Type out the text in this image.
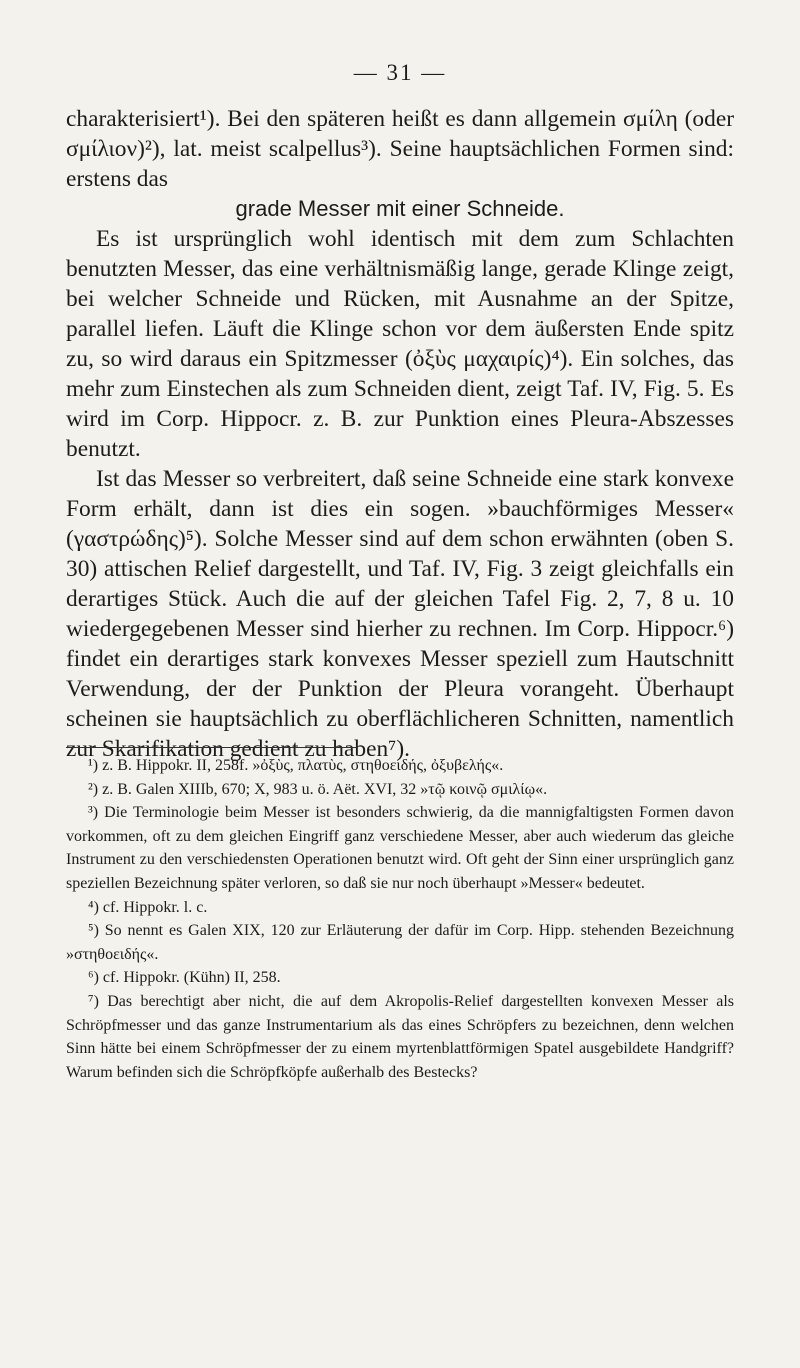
— 31 —

charakterisiert¹). Bei den späteren heißt es dann allgemein σμίλη (oder σμίλιον)²), lat. meist scalpellus³). Seine hauptsächlichen Formen sind: erstens das

grade Messer mit einer Schneide.

Es ist ursprünglich wohl identisch mit dem zum Schlachten benutzten Messer, das eine verhältnismäßig lange, gerade Klinge zeigt, bei welcher Schneide und Rücken, mit Ausnahme an der Spitze, parallel liefen. Läuft die Klinge schon vor dem äußersten Ende spitz zu, so wird daraus ein Spitzmesser (ὀξὺς μαχαιρίς)⁴). Ein solches, das mehr zum Einstechen als zum Schneiden dient, zeigt Taf. IV, Fig. 5. Es wird im Corp. Hippocr. z. B. zur Punktion eines Pleura-Abszesses benutzt.

Ist das Messer so verbreitert, daß seine Schneide eine stark konvexe Form erhält, dann ist dies ein sogen. »bauchförmiges Messer« (γαστρώδης)⁵). Solche Messer sind auf dem schon erwähnten (oben S. 30) attischen Relief dargestellt, und Taf. IV, Fig. 3 zeigt gleichfalls ein derartiges Stück. Auch die auf der gleichen Tafel Fig. 2, 7, 8 u. 10 wiedergegebenen Messer sind hierher zu rechnen. Im Corp. Hippocr.⁶) findet ein derartiges stark konvexes Messer speziell zum Hautschnitt Verwendung, der der Punktion der Pleura vorangeht. Überhaupt scheinen sie hauptsächlich zu oberflächlicheren Schnitten, namentlich zur Skarifikation gedient zu haben⁷).

¹) z. B. Hippokr. II, 258f. »ὀξὺς, πλατὺς, στηθοειδής, ὀξυβελής«.

²) z. B. Galen XIIIb, 670; X, 983 u. ö. Aët. XVI, 32 »τῷ κοινῷ σμιλίῳ«.

³) Die Terminologie beim Messer ist besonders schwierig, da die mannigfaltigsten Formen davon vorkommen, oft zu dem gleichen Eingriff ganz verschiedene Messer, aber auch wiederum das gleiche Instrument zu den verschiedensten Operationen benutzt wird. Oft geht der Sinn einer ursprünglich ganz speziellen Bezeichnung später verloren, so daß sie nur noch überhaupt »Messer« bedeutet.

⁴) cf. Hippokr. l. c.

⁵) So nennt es Galen XIX, 120 zur Erläuterung der dafür im Corp. Hipp. stehenden Bezeichnung »στηθοειδής«.

⁶) cf. Hippokr. (Kühn) II, 258.

⁷) Das berechtigt aber nicht, die auf dem Akropolis-Relief dargestellten konvexen Messer als Schröpfmesser und das ganze Instrumentarium als das eines Schröpfers zu bezeichnen, denn welchen Sinn hätte bei einem Schröpfmesser der zu einem myrtenblattförmigen Spatel ausgebildete Handgriff? Warum befinden sich die Schröpfköpfe außerhalb des Bestecks?
